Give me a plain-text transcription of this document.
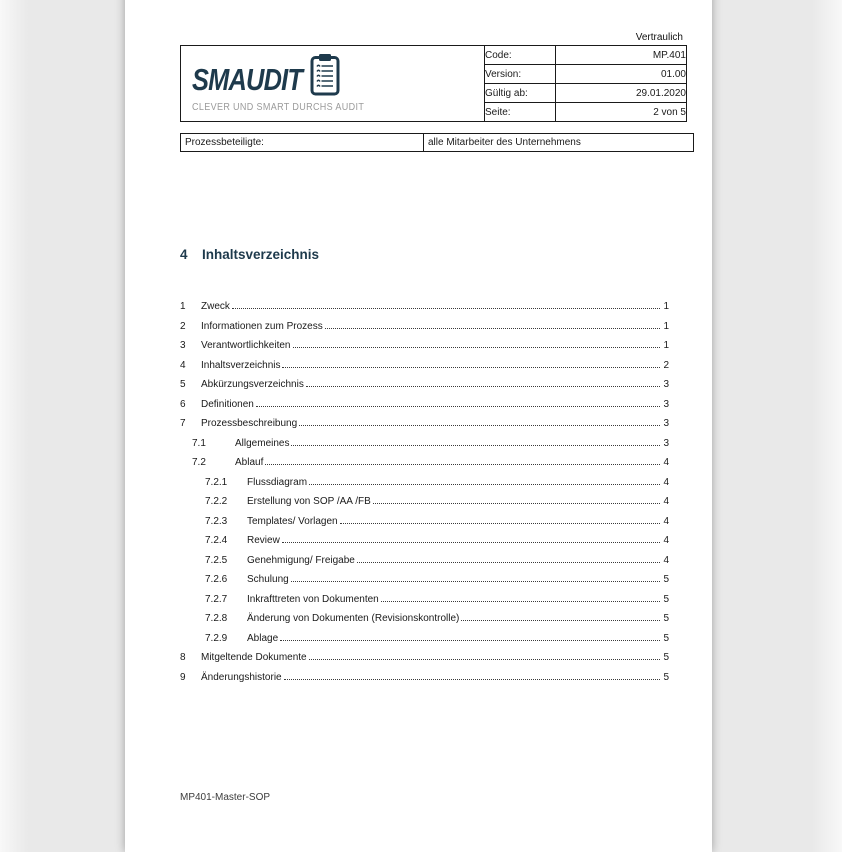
Vertraulich
SMAUDIT
CLEVER UND SMART DURCHS AUDIT	Code:	MP.401
	Version:	01.00
	Gültig ab:	29.01.2020
	Seite:	2 von 5
Prozessbeteiligte:	alle Mitarbeiter des Unternehmens
4	Inhaltsverzeichnis
1	Zweck	1
2	Informationen zum Prozess	1
3	Verantwortlichkeiten	1
4	Inhaltsverzeichnis	2
5	Abkürzungsverzeichnis	3
6	Definitionen	3
7	Prozessbeschreibung	3
7.1	Allgemeines	3
7.2	Ablauf	4
7.2.1	Flussdiagram	4
7.2.2	Erstellung von SOP /AA /FB	4
7.2.3	Templates/ Vorlagen	4
7.2.4	Review	4
7.2.5	Genehmigung/ Freigabe	4
7.2.6	Schulung	5
7.2.7	Inkrafttreten von Dokumenten	5
7.2.8	Änderung von Dokumenten (Revisionskontrolle)	5
7.2.9	Ablage	5
8	Mitgeltende Dokumente	5
9	Änderungshistorie	5
MP401-Master-SOP
